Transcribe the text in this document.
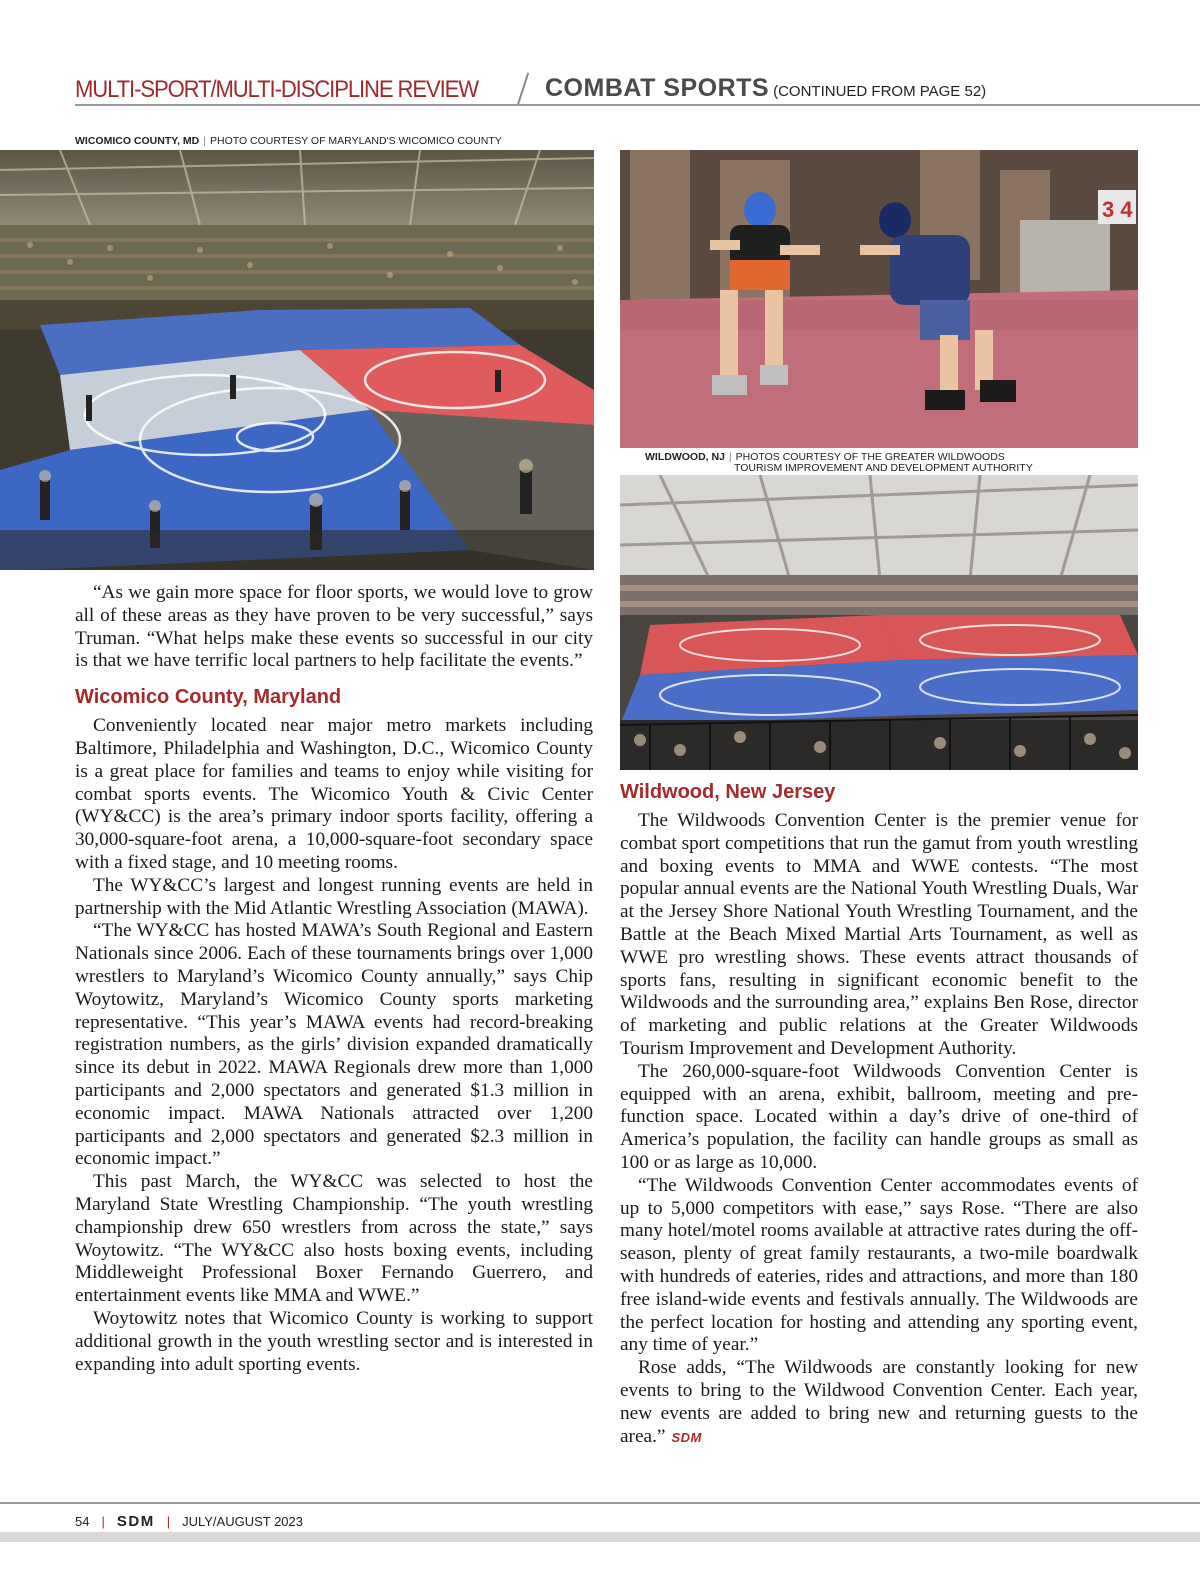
MULTI-SPORT/MULTI-DISCIPLINE REVIEW	COMBAT SPORTS (CONTINUED FROM PAGE 52)
WICOMICO COUNTY, MD | PHOTO COURTESY OF MARYLAND'S WICOMICO COUNTY
3 4
WILDWOOD, NJ | PHOTOS COURTESY OF THE GREATER WILDWOODS
TOURISM IMPROVEMENT AND DEVELOPMENT AUTHORITY

“As we gain more space for floor sports, we would love to grow all of these areas as they have proven to be very successful,” says Truman. “What helps make these events so successful in our city is that we have terrific local partners to help facilitate the events.”

Wicomico County, Maryland

Conveniently located near major metro markets including Baltimore, Philadelphia and Washington, D.C., Wicomico County is a great place for families and teams to enjoy while visiting for combat sports events. The Wicomico Youth & Civic Center (WY&CC) is the area’s primary indoor sports facility, offering a 30,000-square-foot arena, a 10,000-square-foot secondary space with a fixed stage, and 10 meeting rooms.

The WY&CC’s largest and longest running events are held in partnership with the Mid Atlantic Wrestling Association (MAWA).

“The WY&CC has hosted MAWA’s South Regional and Eastern Nationals since 2006. Each of these tournaments brings over 1,000 wrestlers to Maryland’s Wicomico County annually,” says Chip Woytowitz, Maryland’s Wicomico County sports marketing representative. “This year’s MAWA events had record-breaking registration numbers, as the girls’ division expanded dramatically since its debut in 2022. MAWA Regionals drew more than 1,000 participants and 2,000 spectators and generated $1.3 million in economic impact. MAWA Nationals attracted over 1,200 participants and 2,000 spectators and generated $2.3 million in economic impact.”

This past March, the WY&CC was selected to host the Maryland State Wrestling Championship. “The youth wrestling championship drew 650 wrestlers from across the state,” says Woytowitz. “The WY&CC also hosts boxing events, including Middleweight Professional Boxer Fernando Guerrero, and entertainment events like MMA and WWE.”

Woytowitz notes that Wicomico County is working to support additional growth in the youth wrestling sector and is interested in expanding into adult sporting events.

Wildwood, New Jersey

The Wildwoods Convention Center is the premier venue for combat sport competitions that run the gamut from youth wrestling and boxing events to MMA and WWE contests. “The most popular annual events are the National Youth Wrestling Duals, War at the Jersey Shore National Youth Wrestling Tournament, and the Battle at the Beach Mixed Martial Arts Tournament, as well as WWE pro wrestling shows. These events attract thousands of sports fans, resulting in significant economic benefit to the Wildwoods and the surrounding area,” explains Ben Rose, director of marketing and public relations at the Greater Wildwoods Tourism Improvement and Development Authority.

The 260,000-square-foot Wildwoods Convention Center is equipped with an arena, exhibit, ballroom, meeting and pre-function space. Located within a day’s drive of one-third of America’s population, the facility can handle groups as small as 100 or as large as 10,000.

“The Wildwoods Convention Center accommodates events of up to 5,000 competitors with ease,” says Rose. “There are also many hotel/motel rooms available at attractive rates during the off-season, plenty of great family restaurants, a two-mile boardwalk with hundreds of eateries, rides and attractions, and more than 180 free island-wide events and festivals annually. The Wildwoods are the perfect location for hosting and attending any sporting event, any time of year.”

Rose adds, “The Wildwoods are constantly looking for new events to bring to the Wildwood Convention Center. Each year, new events are added to bring new and returning guests to the area.” SDM

54 | SDM | JULY/AUGUST 2023
